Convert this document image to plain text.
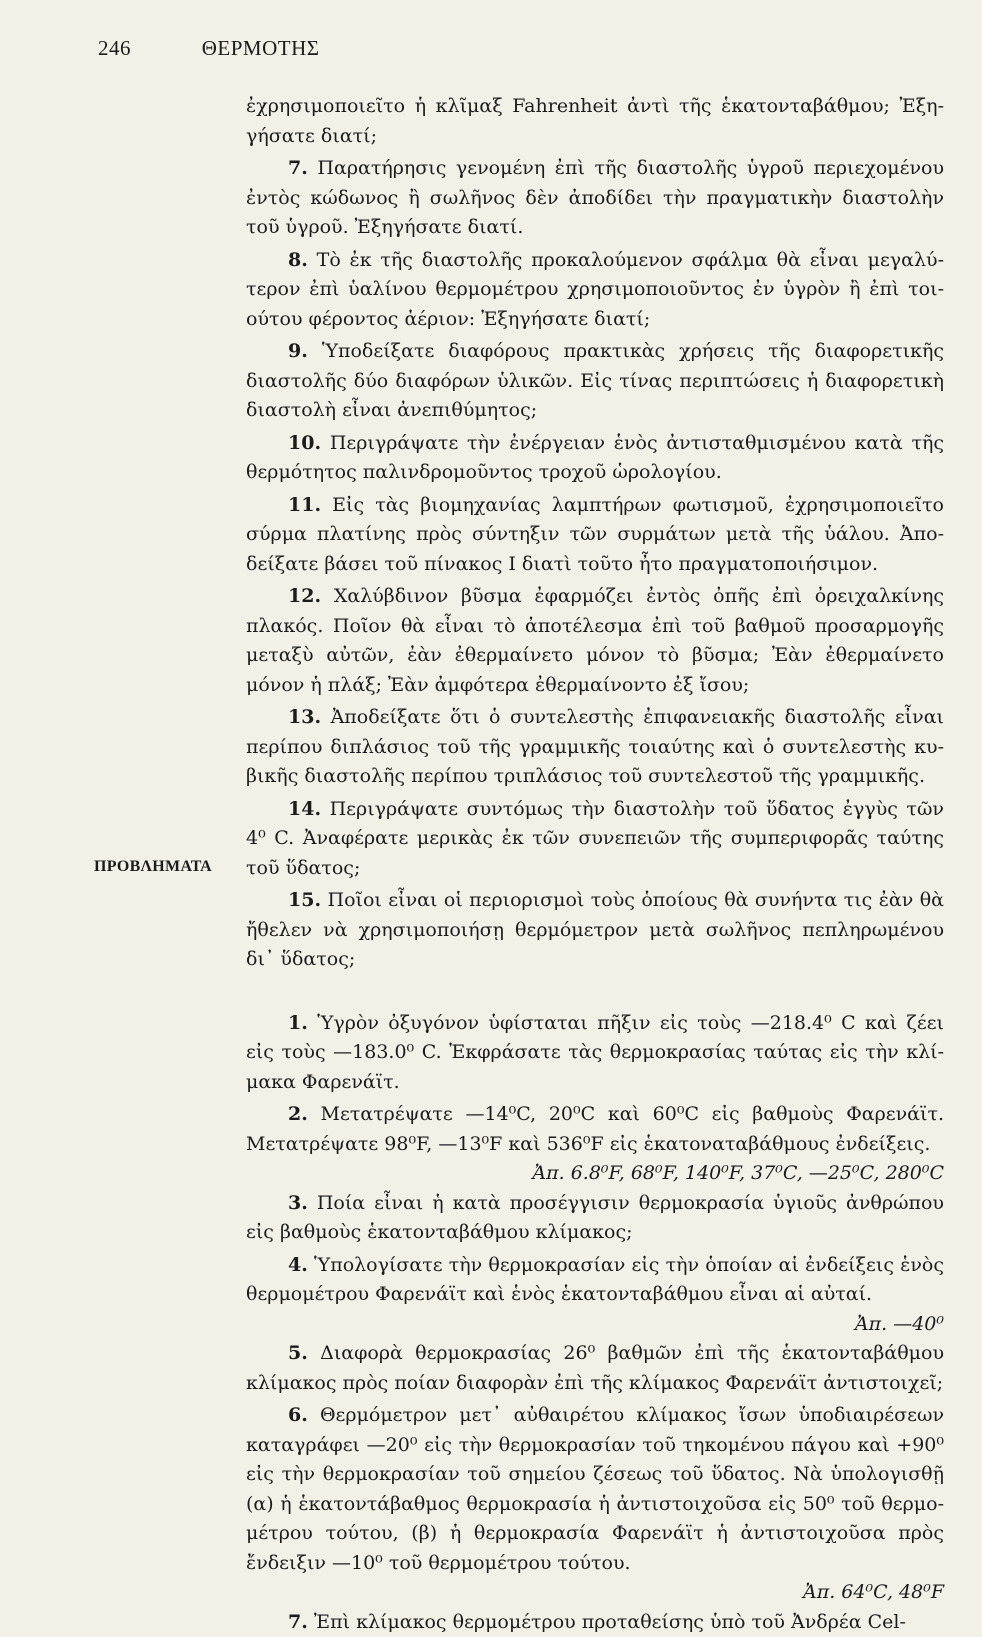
246	ΘΕΡΜΟΤΗΣ
ἐχρησιμοποιεῖτο ἡ κλῖμαξ Fahrenheit ἀντὶ τῆς ἑκατονταβάθμου; Ἐξηγήσατε διατί;
7. Παρατήρησις γενομένη ἐπὶ τῆς διαστολῆς ὑγροῦ περιεχομένου ἐντὸς κώδωνος ἢ σωλῆνος δὲν ἀποδίδει τὴν πραγματικὴν διαστολὴν τοῦ ὑγροῦ. Ἐξηγήσατε διατί.
8. Τὸ ἐκ τῆς διαστολῆς προκαλούμενον σφάλμα θὰ εἶναι μεγαλύτερον ἐπὶ ὑαλίνου θερμομέτρου χρησιμοποιοῦντος ἐν ὑγρὸν ἢ ἐπὶ τοιούτου φέροντος ἀέριον: Ἐξηγήσατε διατί;
9. Ὑποδείξατε διαφόρους πρακτικὰς χρήσεις τῆς διαφορετικῆς διαστολῆς δύο διαφόρων ὑλικῶν. Εἰς τίνας περιπτώσεις ἡ διαφορετικὴ διαστολὴ εἶναι ἀνεπιθύμητος;
10. Περιγράψατε τὴν ἐνέργειαν ἑνὸς ἀντισταθμισμένου κατὰ τῆς θερμότητος παλινδρομοῦντος τροχοῦ ὡρολογίου.
11. Εἰς τὰς βιομηχανίας λαμπτήρων φωτισμοῦ, ἐχρησιμοποιεῖτο σύρμα πλατίνης πρὸς σύντηξιν τῶν συρμάτων μετὰ τῆς ὑάλου. Ἀποδείξατε βάσει τοῦ πίνακος Ι διατὶ τοῦτο ἦτο πραγματοποιήσιμον.
12. Χαλύβδινον βῦσμα ἐφαρμόζει ἐντὸς ὀπῆς ἐπὶ ὀρειχαλκίνης πλακός. Ποῖον θὰ εἶναι τὸ ἀποτέλεσμα ἐπὶ τοῦ βαθμοῦ προσαρμογῆς μεταξὺ αὐτῶν, ἐὰν ἐθερμαίνετο μόνον τὸ βῦσμα; Ἐὰν ἐθερμαίνετο μόνον ἡ πλάξ; Ἐὰν ἀμφότερα ἐθερμαίνοντο ἐξ ἴσου;
13. Ἀποδείξατε ὅτι ὁ συντελεστὴς ἐπιφανειακῆς διαστολῆς εἶναι περίπου διπλάσιος τοῦ τῆς γραμμικῆς τοιαύτης καὶ ὁ συντελεστὴς κυβικῆς διαστολῆς περίπου τριπλάσιος τοῦ συντελεστοῦ τῆς γραμμικῆς.
14. Περιγράψατε συντόμως τὴν διαστολὴν τοῦ ὕδατος ἐγγὺς τῶν 4⁰ C. Ἀναφέρατε μερικὰς ἐκ τῶν συνεπειῶν τῆς συμπεριφορᾶς ταύτης τοῦ ὕδατος;
15. Ποῖοι εἶναι οἱ περιορισμοὶ τοὺς ὁποίους θὰ συνήντα τις ἐὰν θὰ ἤθελεν νὰ χρησιμοποιήσῃ θερμόμετρον μετὰ σωλῆνος πεπληρωμένου δι᾽ ὕδατος;
1. Ὑγρὸν ὀξυγόνον ὑφίσταται πῆξιν εἰς τοὺς —218.4⁰ C καὶ ζέει εἰς τοὺς —183.0⁰ C. Ἐκφράσατε τὰς θερμοκρασίας ταύτας εἰς τὴν κλίμακα Φαρενάϊτ.
2. Μετατρέψατε —14⁰C, 20⁰C καὶ 60⁰C εἰς βαθμοὺς Φαρενάϊτ. Μετατρέψατε 98⁰F, —13⁰F καὶ 536⁰F εἰς ἑκατοναταβάθμους ἐνδείξεις.
Ἀπ. 6.8⁰F, 68⁰F, 140⁰F, 37⁰C, —25⁰C, 280⁰C
3. Ποία εἶναι ἡ κατὰ προσέγγισιν θερμοκρασία ὑγιοῦς ἀνθρώπου εἰς βαθμοὺς ἑκατονταβάθμου κλίμακος;
4. Ὑπολογίσατε τὴν θερμοκρασίαν εἰς τὴν ὁποίαν αἱ ἐνδείξεις ἑνὸς θερμομέτρου Φαρενάϊτ καὶ ἑνὸς ἑκατονταβάθμου εἶναι αἱ αὐταί.
Ἀπ. —40⁰
5. Διαφορὰ θερμοκρασίας 26⁰ βαθμῶν ἐπὶ τῆς ἑκατονταβάθμου κλίμακος πρὸς ποίαν διαφορὰν ἐπὶ τῆς κλίμακος Φαρενάϊτ ἀντιστοιχεῖ;
6. Θερμόμετρον μετ᾽ αὐθαιρέτου κλίμακος ἴσων ὑποδιαιρέσεων καταγράφει —20⁰ εἰς τὴν θερμοκρασίαν τοῦ τηκομένου πάγου καὶ +90⁰ εἰς τὴν θερμοκρασίαν τοῦ σημείου ζέσεως τοῦ ὕδατος. Νὰ ὑπολογισθῇ (α) ἡ ἑκατοντάβαθμος θερμοκρασία ἡ ἀντιστοιχοῦσα εἰς 50⁰ τοῦ θερμομέτρου τούτου, (β) ἡ θερμοκρασία Φαρενάϊτ ἡ ἀντιστοιχοῦσα πρὸς ἔνδειξιν —10⁰ τοῦ θερμομέτρου τούτου.
Ἀπ. 64⁰C, 48⁰F
7. Ἐπὶ κλίμακος θερμομέτρου προταθείσης ὑπὸ τοῦ Ἀνδρέα Cel-
ΠΡΟΒΛΗΜΑΤΑ
